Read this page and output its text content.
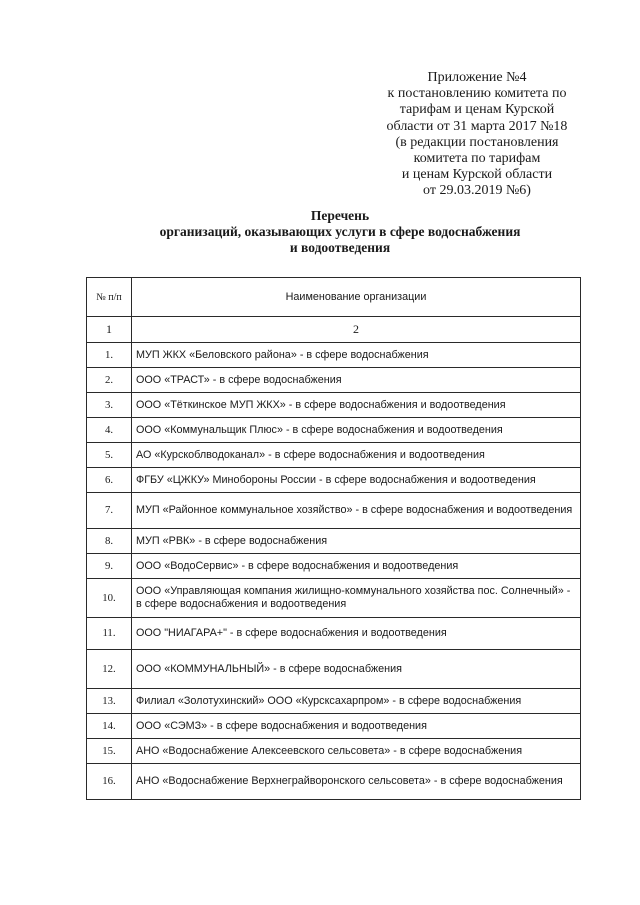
Приложение №4
к постановлению комитета по
тарифам и ценам Курской
области от 31 марта 2017 №18
(в редакции постановления
комитета по тарифам
и ценам Курской области
от 29.03.2019 №6)
Перечень
организаций, оказывающих услуги в сфере водоснабжения
и водоотведения
№ п/п	Наименование организации
1	2
1.	МУП ЖКХ «Беловского района» - в сфере водоснабжения
2.	ООО «ТРАСТ» - в сфере водоснабжения
3.	ООО «Тёткинское МУП ЖКХ» - в сфере водоснабжения и водоотведения
4.	ООО «Коммунальщик Плюс» - в сфере водоснабжения и водоотведения
5.	АО «Курскоблводоканал» - в сфере водоснабжения и водоотведения
6.	ФГБУ «ЦЖКУ» Минобороны России - в сфере водоснабжения и водоотведения
7.	МУП «Районное коммунальное хозяйство» - в сфере водоснабжения и водоотведения
8.	МУП «РВК» - в сфере водоснабжения
9.	ООО «ВодоСервис» - в сфере водоснабжения и водоотведения
10.	ООО «Управляющая компания жилищно-коммунального хозяйства пос. Солнечный» - в сфере водоснабжения и водоотведения
11.	ООО "НИАГАРА+" - в сфере водоснабжения и водоотведения
12.	ООО «КОММУНАЛЬНЫЙ» - в сфере водоснабжения
13.	Филиал «Золотухинский» ООО «Курсксахарпром» - в сфере водоснабжения
14.	ООО «СЭМЗ» - в сфере водоснабжения и водоотведения
15.	АНО «Водоснабжение Алексеевского сельсовета» - в сфере водоснабжения
16.	АНО «Водоснабжение Верхнеграйворонского сельсовета» - в сфере водоснабжения
